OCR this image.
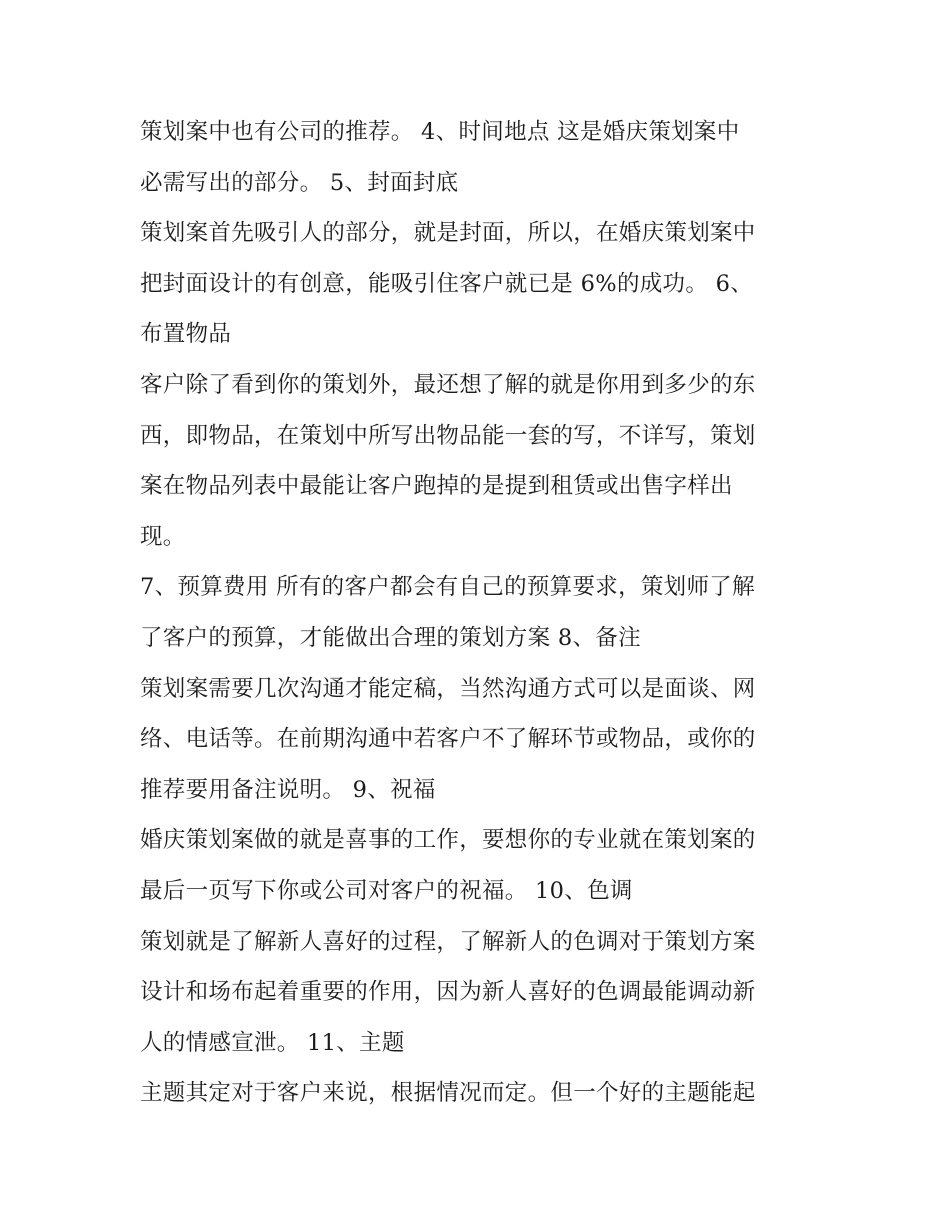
策划案中也有公司的推荐。 4、时间地点 这是婚庆策划案中
必需写出的部分。 5、封面封底
策划案首先吸引人的部分，就是封面，所以，在婚庆策划案中
把封面设计的有创意，能吸引住客户就已是 6%的成功。 6、
布置物品
客户除了看到你的策划外，最还想了解的就是你用到多少的东
西，即物品，在策划中所写出物品能一套的写，不详写，策划
案在物品列表中最能让客户跑掉的是提到租赁或出售字样出
现。
7、预算费用 所有的客户都会有自己的预算要求，策划师了解
了客户的预算，才能做出合理的策划方案 8、备注
策划案需要几次沟通才能定稿，当然沟通方式可以是面谈、网
络、电话等。在前期沟通中若客户不了解环节或物品，或你的
推荐要用备注说明。 9、祝福
婚庆策划案做的就是喜事的工作，要想你的专业就在策划案的
最后一页写下你或公司对客户的祝福。 10、色调
策划就是了解新人喜好的过程，了解新人的色调对于策划方案
设计和场布起着重要的作用，因为新人喜好的色调最能调动新
人的情感宣泄。 11、主题
主题其定对于客户来说，根据情况而定。但一个好的主题能起
